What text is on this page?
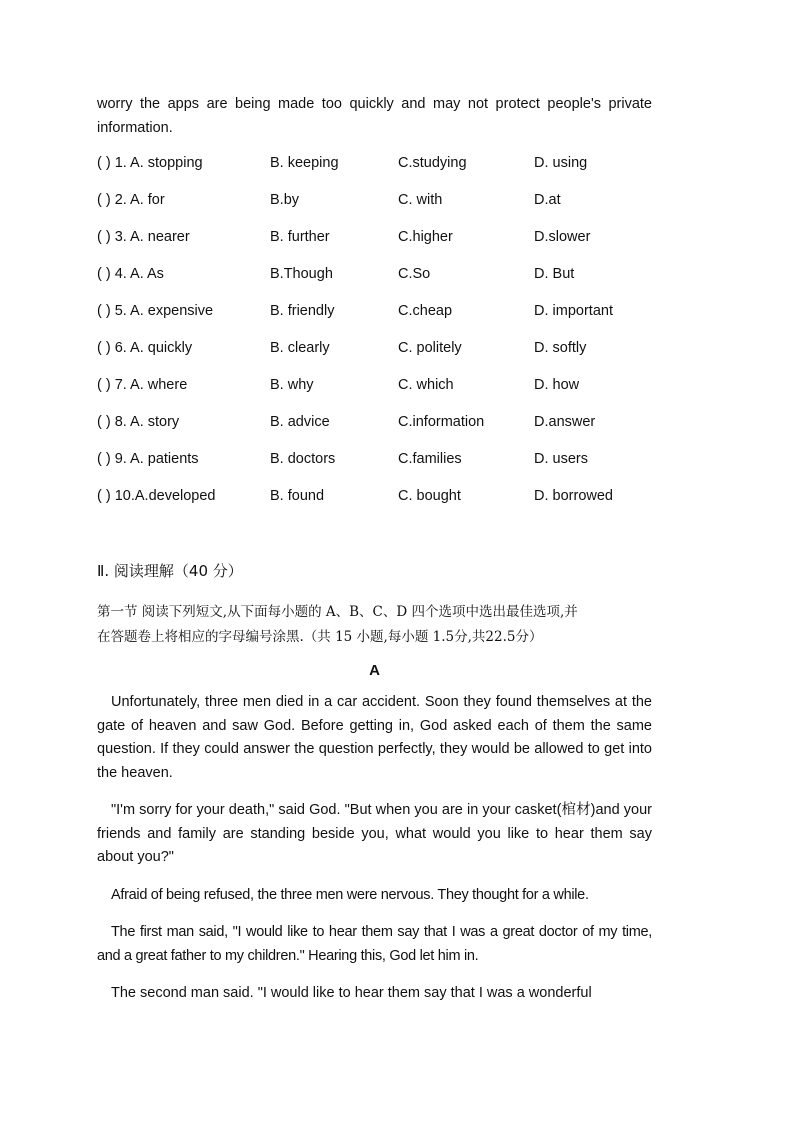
worry the apps are being made too quickly and may not protect people's private information.

( ) 1. A. stopping	B. keeping	C.studying	D. using
( ) 2. A. for	B.by	C. with	D.at
( ) 3. A. nearer	B. further	C.higher	D.slower
( ) 4. A. As	B.Though	C.So	D. But
( ) 5. A. expensive	B. friendly	C.cheap	D. important
( ) 6. A. quickly	B. clearly	C. politely	D. softly
( ) 7. A. where	B. why	C. which	D. how
( ) 8. A. story	B. advice	C.information	D.answer
( ) 9. A. patients	B. doctors	C.families	D. users
( ) 10.A.developed	B. found	C. bought	D. borrowed
Ⅱ. 阅读理解（40 分）
第一节 阅读下列短文,从下面每小题的 A、B、C、D 四个选项中选出最佳选项,并
在答题卷上将相应的字母编号涂黑.（共 15 小题,每小题 1.5分,共22.5分）
A

Unfortunately, three men died in a car accident. Soon they found themselves at the gate of heaven and saw God. Before getting in, God asked each of them the same question. If they could answer the question perfectly, they would be allowed to get into the heaven.

"I'm sorry for your death," said God. "But when you are in your casket(棺材)and your friends and family are standing beside you, what would you like to hear them say about you?"

Afraid of being refused, the three men were nervous. They thought for a while.

The first man said, "I would like to hear them say that I was a great doctor of my time, and a great father to my children." Hearing this, God let him in.

The second man said. "I would like to hear them say that I was a wonderful
